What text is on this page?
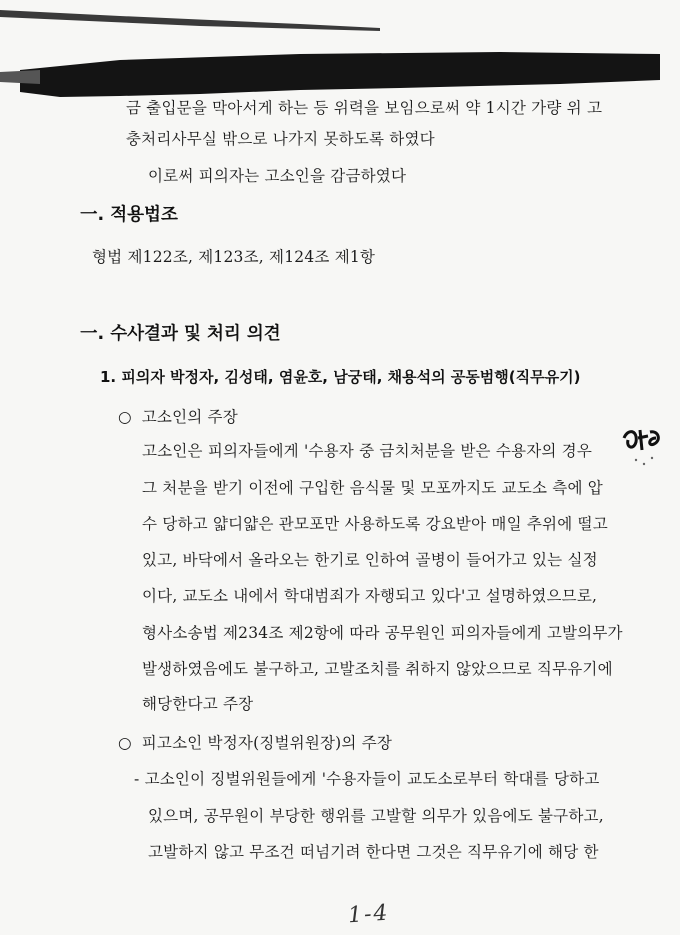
금 출입문을 막아서게 하는 등 위력을 보임으로써 약 1시간 가량 위 고
충처리사무실 밖으로 나가지 못하도록 하였다
이로써 피의자는 고소인을 감금하였다
一. 적용법조
형법 제122조, 제123조, 제124조 제1항
一. 수사결과 및 처리 의견
1. 피의자 박정자, 김성태, 염윤호, 남궁태, 채용석의 공동범행(직무유기)
○ 고소인의 주장
고소인은 피의자들에게 '수용자 중 금치처분을 받은 수용자의 경우
그 처분을 받기 이전에 구입한 음식물 및 모포까지도 교도소 측에 압
수 당하고 얇디얇은 관모포만 사용하도록 강요받아 매일 추위에 떨고
있고, 바닥에서 올라오는 한기로 인하여 골병이 들어가고 있는 실정
이다, 교도소 내에서 학대범죄가 자행되고 있다'고 설명하였으므로,
형사소송법 제234조 제2항에 따라 공무원인 피의자들에게 고발의무가
발생하였음에도 불구하고, 고발조치를 취하지 않았으므로 직무유기에
해당한다고 주장
○ 피고소인 박정자(징벌위원장)의 주장
- 고소인이 징벌위원들에게 '수용자들이 교도소로부터 학대를 당하고
있으며, 공무원이 부당한 행위를 고발할 의무가 있음에도 불구하고,
고발하지 않고 무조건 떠넘기려 한다면 그것은 직무유기에 해당 한
1-4
